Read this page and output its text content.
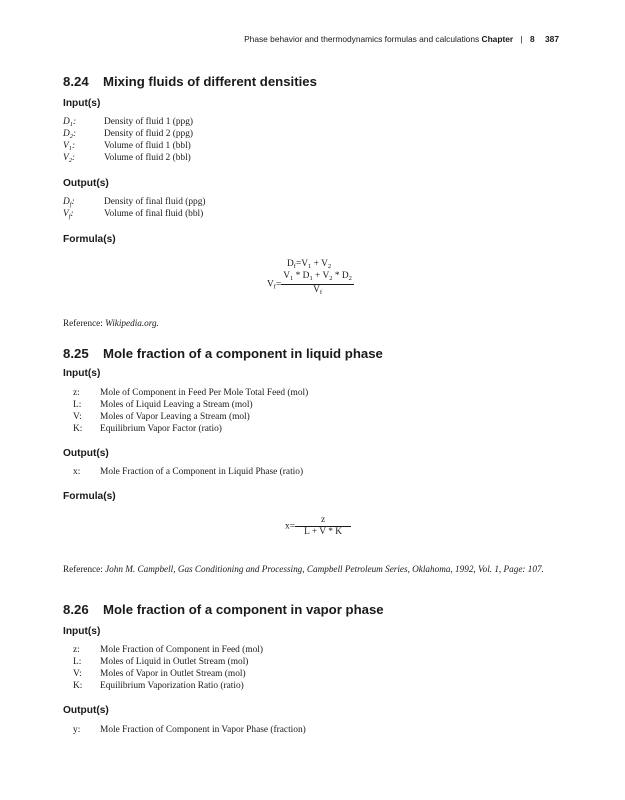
Phase behavior and thermodynamics formulas and calculations Chapter | 8 387
8.24 Mixing fluids of different densities
Input(s)
$D_1$:	Density of fluid 1 (ppg)
$D_2$:	Density of fluid 2 (ppg)
$V_1$:	Volume of fluid 1 (bbl)
$V_2$:	Volume of fluid 2 (bbl)
Output(s)
$D_f$:	Density of final fluid (ppg)
$V_f$:	Volume of final fluid (bbl)
Formula(s)
$D_f=V_1 + V_2$
$V_f= \frac{V_1 * D_1 + V_2 * D_2}{V_f}$
Reference: Wikipedia.org.
8.25 Mole fraction of a component in liquid phase
Input(s)
z: Mole of Component in Feed Per Mole Total Feed (mol)
L: Moles of Liquid Leaving a Stream (mol)
V: Moles of Vapor Leaving a Stream (mol)
K: Equilibrium Vapor Factor (ratio)
Output(s)
x: Mole Fraction of a Component in Liquid Phase (ratio)
Formula(s)
$x= \frac{z}{L + V * K}$
Reference: John M. Campbell, Gas Conditioning and Processing, Campbell Petroleum Series, Oklahoma, 1992, Vol. 1, Page: 107.
8.26 Mole fraction of a component in vapor phase
Input(s)
z: Mole Fraction of Component in Feed (mol)
L: Moles of Liquid in Outlet Stream (mol)
V: Moles of Vapor in Outlet Stream (mol)
K: Equilibrium Vaporization Ratio (ratio)
Output(s)
y: Mole Fraction of Component in Vapor Phase (fraction)
